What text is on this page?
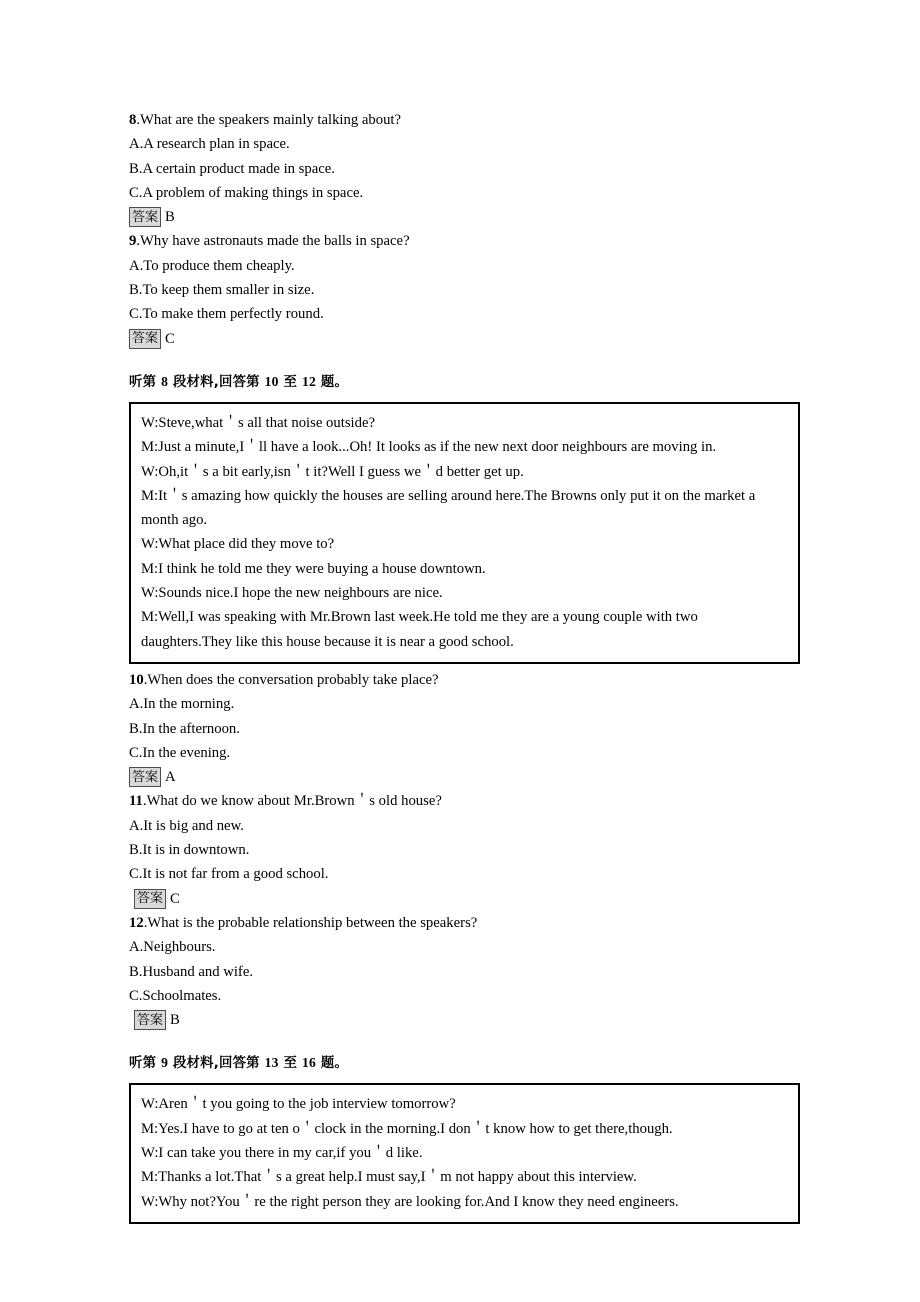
8.What are the speakers mainly talking about?
A.A research plan in space.
B.A certain product made in space.
C.A problem of making things in space.
答案 B
9.Why have astronauts made the balls in space?
A.To produce them cheaply.
B.To keep them smaller in size.
C.To make them perfectly round.
答案 C
听第 8 段材料,回答第 10 至 12 题。
W:Steve,what＇s all that noise outside?
M:Just a minute,I＇ll have a look...Oh! It looks as if the new next door neighbours are moving in.
W:Oh,it＇s a bit early,isn＇t it?Well I guess we＇d better get up.
M:It＇s amazing how quickly the houses are selling around here.The Browns only put it on the market a month ago.
W:What place did they move to?
M:I think he told me they were buying a house downtown.
W:Sounds nice.I hope the new neighbours are nice.
M:Well,I was speaking with Mr.Brown last week.He told me they are a young couple with two daughters.They like this house because it is near a good school.
10.When does the conversation probably take place?
A.In the morning.
B.In the afternoon.
C.In the evening.
答案 A
11.What do we know about Mr.Brown＇s old house?
A.It is big and new.
B.It is in downtown.
C.It is not far from a good school.
答案 C
12.What is the probable relationship between the speakers?
A.Neighbours.
B.Husband and wife.
C.Schoolmates.
答案 B
听第 9 段材料,回答第 13 至 16 题。
W:Aren＇t you going to the job interview tomorrow?
M:Yes.I have to go at ten o＇clock in the morning.I don＇t know how to get there,though.
W:I can take you there in my car,if you＇d like.
M:Thanks a lot.That＇s a great help.I must say,I＇m not happy about this interview.
W:Why not?You＇re the right person they are looking for.And I know they need engineers.
